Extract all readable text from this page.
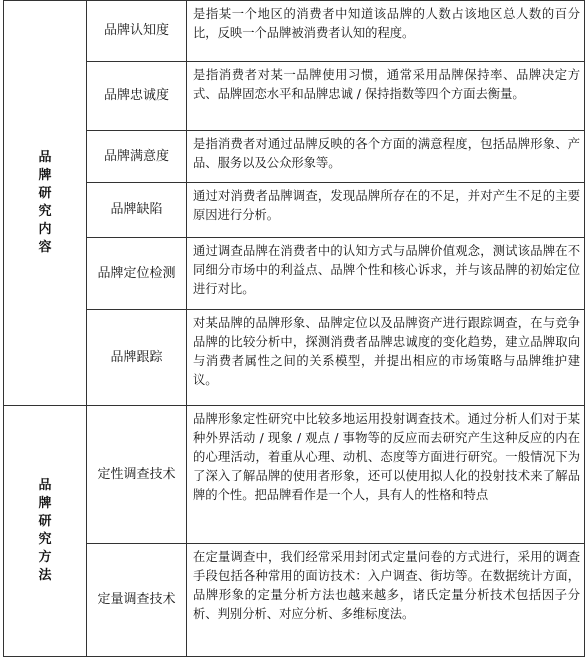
品牌研究内容	品牌认知度	是指某一个地区的消费者中知道该品牌的人数占该地区总人数的百分比，反映一个品牌被消费者认知的程度。
	品牌忠诚度	是指消费者对某一品牌使用习惯，通常采用品牌保持率、品牌决定方式、品牌固恋水平和品牌忠诚 / 保持指数等四个方面去衡量。
	品牌满意度	是指消费者对通过品牌反映的各个方面的满意程度，包括品牌形象、产品、服务以及公众形象等。
	品牌缺陷	通过对消费者品牌调查，发现品牌所存在的不足，并对产生不足的主要原因进行分析。
	品牌定位检测	通过调查品牌在消费者中的认知方式与品牌价值观念，测试该品牌在不同细分市场中的利益点、品牌个性和核心诉求，并与该品牌的初始定位进行对比。
	品牌跟踪	对某品牌的品牌形象、品牌定位以及品牌资产进行跟踪调查，在与竞争品牌的比较分析中，探测消费者品牌忠诚度的变化趋势，建立品牌取向与消费者属性之间的关系模型，并提出相应的市场策略与品牌维护建议。
品牌研究方法	定性调查技术	品牌形象定性研究中比较多地运用投射调查技术。通过分析人们对于某种外界活动 / 现象 / 观点 / 事物等的反应而去研究产生这种反应的内在的心理活动，着重从心理、动机、态度等方面进行研究。一般情况下为了深入了解品牌的使用者形象，还可以使用拟人化的投射技术来了解品牌的个性。把品牌看作是一个人，具有人的性格和特点
	定量调查技术	在定量调查中，我们经常采用封闭式定量问卷的方式进行，采用的调查手段包括各种常用的面访技术：入户调查、街坊等。在数据统计方面，品牌形象的定量分析方法也越来越多，诸氏定量分析技术包括因子分析、判别分析、对应分析、多维标度法。
